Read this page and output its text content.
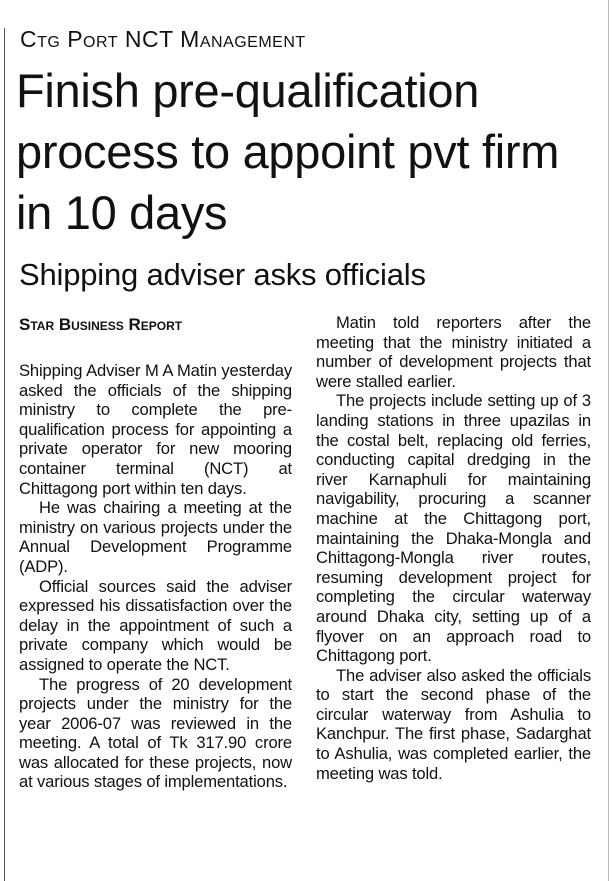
Ctg Port NCT Management
Finish pre-qualification process to appoint pvt firm in 10 days
Shipping adviser asks officials
Star Business Report

Shipping Adviser M A Matin yesterday asked the officials of the shipping ministry to complete the pre-qualification process for appointing a private operator for new mooring container terminal (NCT) at Chittagong port within ten days.

He was chairing a meeting at the ministry on various projects under the Annual Development Programme (ADP).

Official sources said the adviser expressed his dissatisfaction over the delay in the appointment of such a private company which would be assigned to operate the NCT.

The progress of 20 development projects under the ministry for the year 2006-07 was reviewed in the meeting. A total of Tk 317.90 crore was allocated for these projects, now at various stages of implementations.

Matin told reporters after the meeting that the ministry initiated a number of development projects that were stalled earlier.

The projects include setting up of 3 landing stations in three upazilas in the costal belt, replacing old ferries, conducting capital dredging in the river Karnaphuli for maintaining navigability, procuring a scanner machine at the Chittagong port, maintaining the Dhaka-Mongla and Chittagong-Mongla river routes, resuming development project for completing the circular waterway around Dhaka city, setting up of a flyover on an approach road to Chittagong port.

The adviser also asked the officials to start the second phase of the circular waterway from Ashulia to Kanchpur. The first phase, Sadarghat to Ashulia, was completed earlier, the meeting was told.
